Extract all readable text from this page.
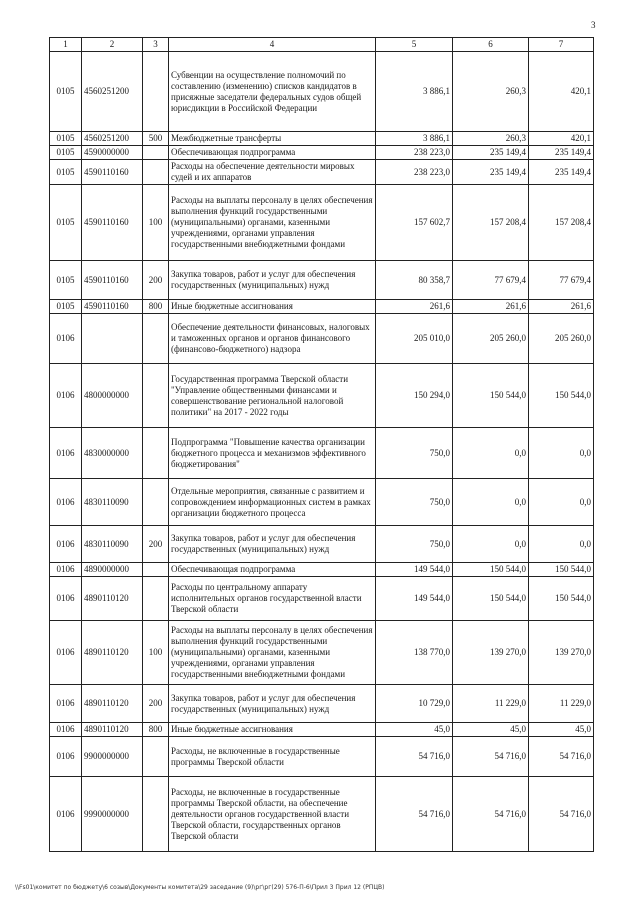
3
1	2	3	4	5	6	7
0105	4560251200		Субвенции на осуществление полномочий по составлению (изменению) списков кандидатов в присяжные заседатели федеральных судов общей юрисдикции в Российской Федерации	3 886,1	260,3	420,1
0105	4560251200	500	Межбюджетные трансферты	3 886,1	260,3	420,1
0105	4590000000		Обеспечивающая подпрограмма	238 223,0	235 149,4	235 149,4
0105	4590110160		Расходы на обеспечение деятельности мировых судей и их аппаратов	238 223,0	235 149,4	235 149,4
0105	4590110160	100	Расходы на выплаты персоналу в целях обеспечения выполнения функций государственными (муниципальными) органами, казенными учреждениями, органами управления государственными внебюджетными фондами	157 602,7	157 208,4	157 208,4
0105	4590110160	200	Закупка товаров, работ и услуг для обеспечения государственных (муниципальных) нужд	80 358,7	77 679,4	77 679,4
0105	4590110160	800	Иные бюджетные ассигнования	261,6	261,6	261,6
0106			Обеспечение деятельности финансовых, налоговых и таможенных органов и органов финансового (финансово-бюджетного) надзора	205 010,0	205 260,0	205 260,0
0106	4800000000		Государственная программа Тверской области "Управление общественными финансами и совершенствование региональной налоговой политики" на 2017 - 2022 годы	150 294,0	150 544,0	150 544,0
0106	4830000000		Подпрограмма "Повышение качества организации бюджетного процесса и механизмов эффективного бюджетирования"	750,0	0,0	0,0
0106	4830110090		Отдельные мероприятия, связанные с развитием и сопровождением информационных систем в рамках организации бюджетного процесса	750,0	0,0	0,0
0106	4830110090	200	Закупка товаров, работ и услуг для обеспечения государственных (муниципальных) нужд	750,0	0,0	0,0
0106	4890000000		Обеспечивающая подпрограмма	149 544,0	150 544,0	150 544,0
0106	4890110120		Расходы по центральному аппарату исполнительных органов государственной власти Тверской области	149 544,0	150 544,0	150 544,0
0106	4890110120	100	Расходы на выплаты персоналу в целях обеспечения выполнения функций государственными (муниципальными) органами, казенными учреждениями, органами управления государственными внебюджетными фондами	138 770,0	139 270,0	139 270,0
0106	4890110120	200	Закупка товаров, работ и услуг для обеспечения государственных (муниципальных) нужд	10 729,0	11 229,0	11 229,0
0106	4890110120	800	Иные бюджетные ассигнования	45,0	45,0	45,0
0106	9900000000		Расходы, не включенные в государственные программы Тверской области	54 716,0	54 716,0	54 716,0
0106	9990000000		Расходы, не включенные в государственные программы Тверской области, на обеспечение деятельности органов государственной власти Тверской области, государственных органов Тверской области	54 716,0	54 716,0	54 716,0
\\Fs01\комитет по бюджету\6 созыв\Документы комитета\29 заседание (9)\рг\рг(29) 576-П-6\Прил 3 Прил 12 (РПЦВ)
